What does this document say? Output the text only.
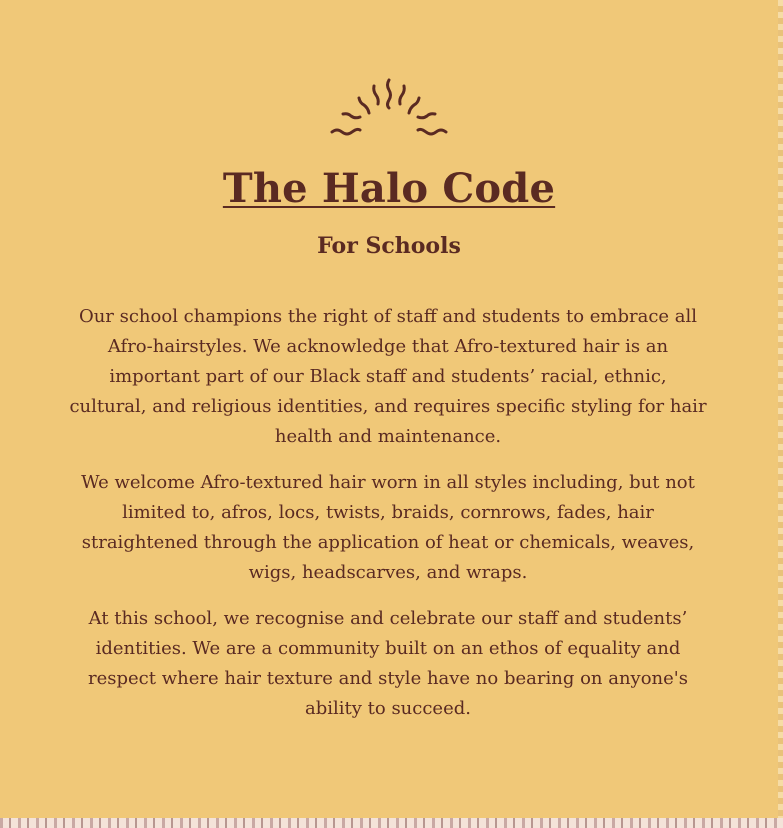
The Halo Code
For Schools

Our school champions the right of staff and students to embrace all Afro-hairstyles. We acknowledge that Afro-textured hair is an important part of our Black staff and students’ racial, ethnic, cultural, and religious identities, and requires specific styling for hair health and maintenance.

We welcome Afro-textured hair worn in all styles including, but not limited to, afros, locs, twists, braids, cornrows, fades, hair straightened through the application of heat or chemicals, weaves, wigs, headscarves, and wraps.

At this school, we recognise and celebrate our staff and students’ identities. We are a community built on an ethos of equality and respect where hair texture and style have no bearing on anyone's ability to succeed.
